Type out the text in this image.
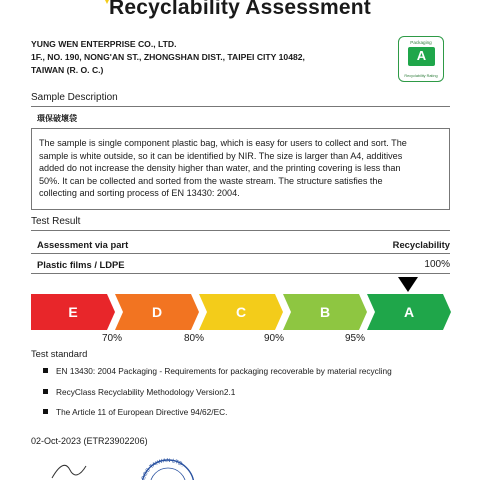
Recyclability Assessment
YUNG WEN ENTERPRISE CO., LTD.
1F., NO. 190, NONG'AN ST., ZHONGSHAN DIST., TAIPEI CITY 10482,
TAIWAN (R. O. C.)
Packaging
A
Recyclability Rating
Sample Description
環保破壞袋
The sample is single component plastic bag, which is easy for users to collect and sort. The
sample is white outside, so it can be identified by NIR. The size is larger than A4, additives
added do not increase the density higher than water, and the printing covering is less than
50%. It can be collected and sorted from the waste stream. The structure satisfies the
collecting and sorting process of EN 13430: 2004.
Test Result
Assessment via part	Recyclability
Plastic films / LDPE	100%
E	D	C	B	A
70%	80%	90%	95%
Test standard
EN 13430: 2004 Packaging - Requirements for packaging recoverable by material recycling
RecyClass Recyclability Methodology Version2.1
The Article 11 of European Directive 94/62/EC.
02-Oct-2023 (ETR23902206)
SGS TAIWAN LTD.
